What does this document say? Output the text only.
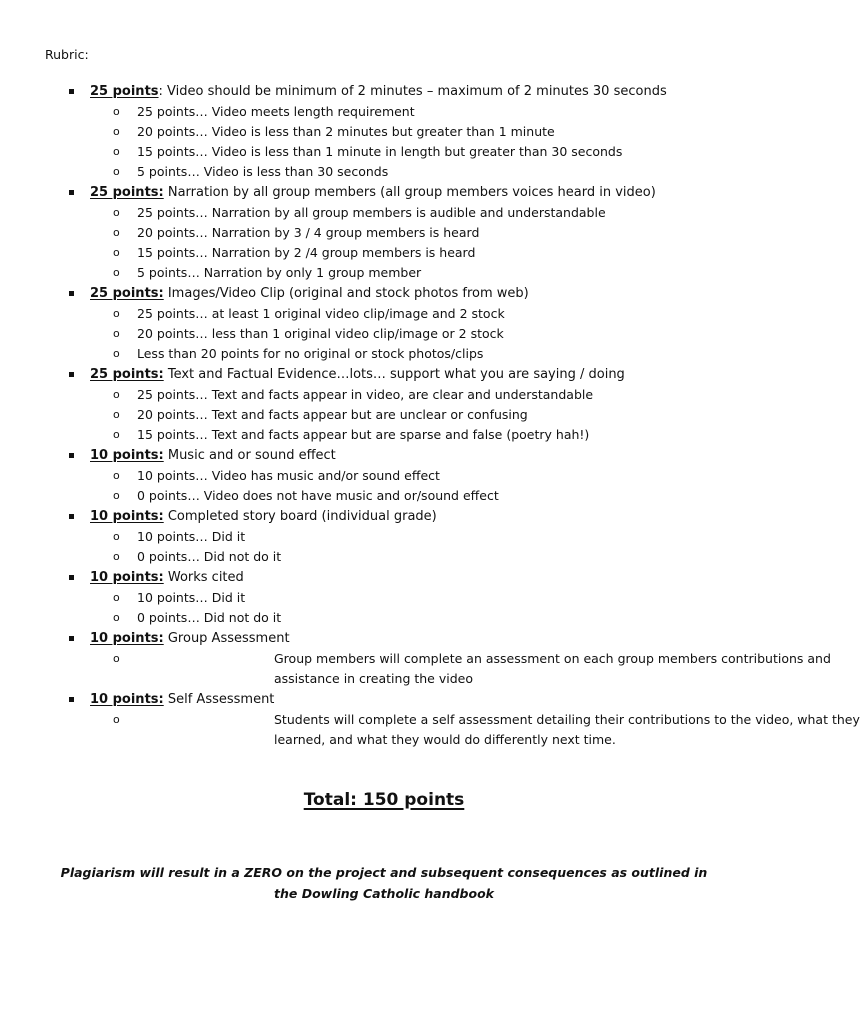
Rubric:
25 points: Video should be minimum of 2 minutes – maximum of 2 minutes 30 seconds
o 25 points… Video meets length requirement
o 20 points… Video is less than 2 minutes but greater than 1 minute
o 15 points… Video is less than 1 minute in length but greater than 30 seconds
o 5 points… Video is less than 30 seconds
25 points: Narration by all group members (all group members voices heard in video)
o 25 points… Narration by all group members is audible and understandable
o 20 points… Narration by 3 / 4 group members is heard
o 15 points… Narration by 2 /4 group members is heard
o 5 points… Narration by only 1 group member
25 points: Images/Video Clip (original and stock photos from web)
o 25 points… at least 1 original video clip/image and 2 stock
o 20 points… less than 1 original video clip/image or 2 stock
o Less than 20 points for no original or stock photos/clips
25 points: Text and Factual Evidence…lots… support what you are saying / doing
o 25 points… Text and facts appear in video, are clear and understandable
o 20 points… Text and facts appear but are unclear or confusing
o 15 points… Text and facts appear but are sparse and false (poetry hah!)
10 points: Music and or sound effect
o 10 points… Video has music and/or sound effect
o 0 points… Video does not have music and or/sound effect
10 points: Completed story board (individual grade)
o 10 points… Did it
o 0 points… Did not do it
10 points: Works cited
o 10 points… Did it
o 0 points… Did not do it
10 points: Group Assessment
o	Group members will complete an assessment on each group members contributions and assistance in creating the video
10 points: Self Assessment
o	Students will complete a self assessment detailing their contributions to the video, what they learned, and what they would do differently next time.
Total: 150 points
Plagiarism will result in a ZERO on the project and subsequent consequences as outlined in the Dowling Catholic handbook
